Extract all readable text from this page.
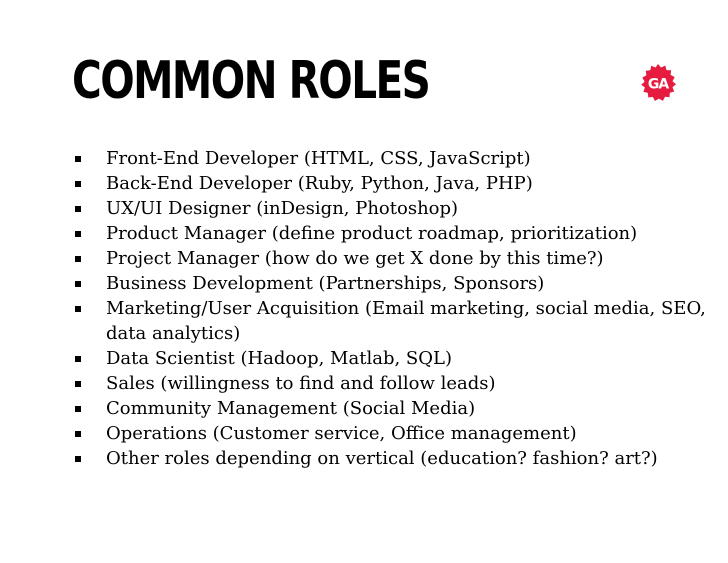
COMMON ROLES	GA
Front-End Developer (HTML, CSS, JavaScript)
Back-End Developer (Ruby, Python, Java, PHP)
UX/UI Designer (inDesign, Photoshop)
Product Manager (define product roadmap, prioritization)
Project Manager (how do we get X done by this time?)
Business Development (Partnerships, Sponsors)
Marketing/User Acquisition (Email marketing, social media, SEO, data analytics)
Data Scientist (Hadoop, Matlab, SQL)
Sales (willingness to find and follow leads)
Community Management (Social Media)
Operations (Customer service, Office management)
Other roles depending on vertical (education? fashion? art?)
